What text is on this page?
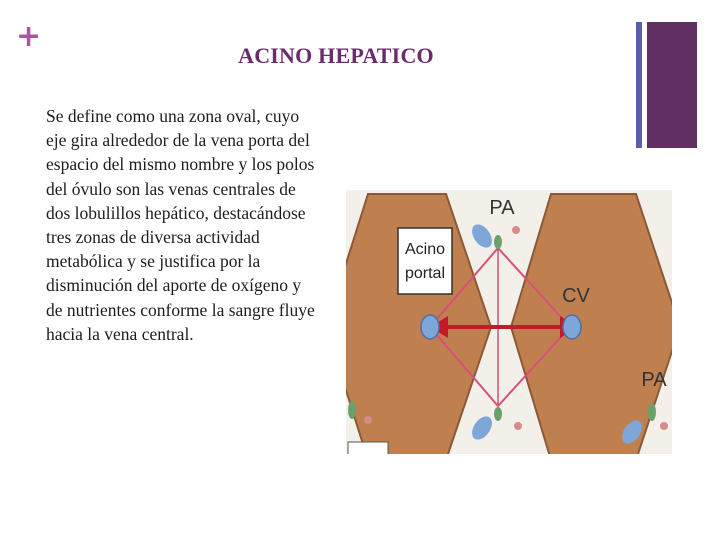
+
ACINO HEPATICO

Se define como una zona oval, cuyo eje gira alrededor de la vena porta del espacio del mismo nombre y los polos del óvulo son las venas centrales de dos lobulillos hepático, destacándose tres zonas de diversa actividad metabólica y se justifica por la disminución del aporte de oxígeno y de nutrientes conforme la sangre fluye hacia la vena central.

Acino
portal
PA
CV
PA
